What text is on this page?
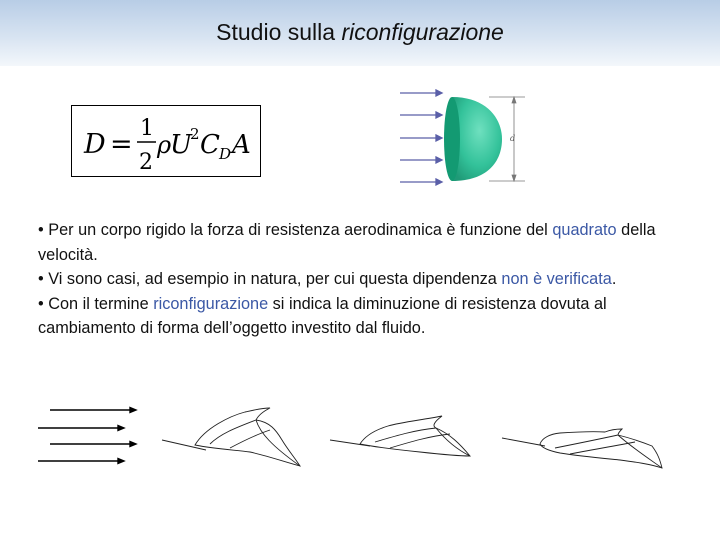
Studio sulla riconfigurazione
D =
1
2
ρ
U
2 C D A	d

• Per un corpo rigido la forza di resistenza aerodinamica è funzione del quadrato della velocità.

• Vi sono casi, ad esempio in natura, per cui questa dipendenza non è verificata.

• Con il termine riconfigurazione si indica la diminuzione di resistenza dovuta al cambiamento di forma dell’oggetto investito dal fluido.
